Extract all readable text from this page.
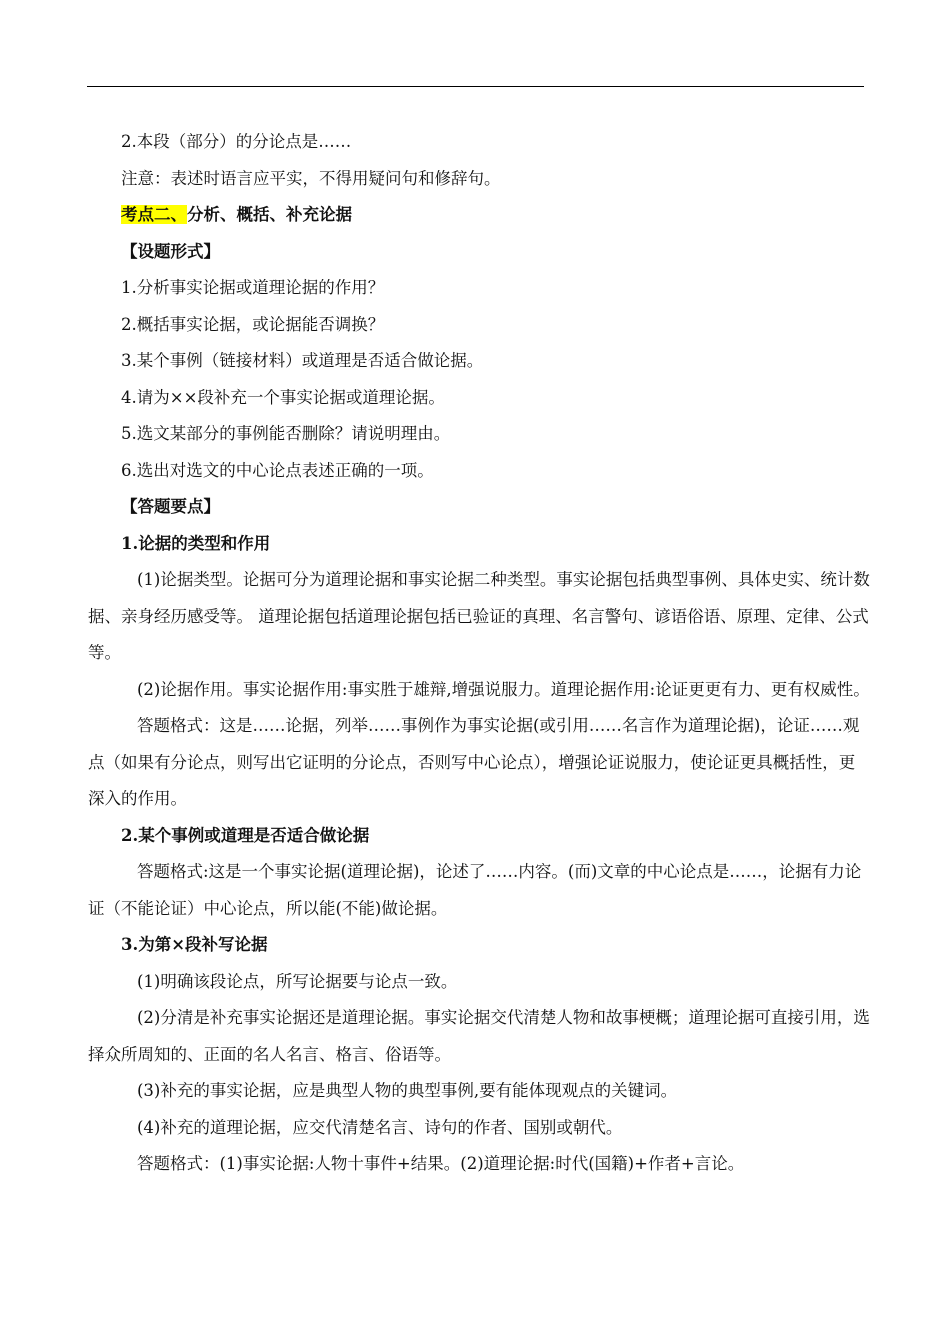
2.本段（部分）的分论点是……

注意：表述时语言应平实，不得用疑问句和修辞句。

考点二、分析、概括、补充论据

【设题形式】

1.分析事实论据或道理论据的作用？

2.概括事实论据，或论据能否调换？

3.某个事例（链接材料）或道理是否适合做论据。

4.请为××段补充一个事实论据或道理论据。

5.选文某部分的事例能否删除？请说明理由。

6.选出对选文的中心论点表述正确的一项。

【答题要点】

1.论据的类型和作用

(1)论据类型。论据可分为道理论据和事实论据二种类型。事实论据包括典型事例、具体史实、统计数据、亲身经历感受等。 道理论据包括道理论据包括已验证的真理、名言警句、谚语俗语、原理、定律、公式等。

(2)论据作用。事实论据作用:事实胜于雄辩,增强说服力。道理论据作用:论证更更有力、更有权威性。

答题格式：这是……论据，列举……事例作为事实论据(或引用……名言作为道理论据)，论证……观点（如果有分论点，则写出它证明的分论点，否则写中心论点），增强论证说服力，使论证更具概括性，更深入的作用。

2.某个事例或道理是否适合做论据

答题格式:这是一个事实论据(道理论据)，论述了……内容。(而)文章的中心论点是……，论据有力论证（不能论证）中心论点，所以能(不能)做论据。

3.为第×段补写论据

(1)明确该段论点，所写论据要与论点一致。

(2)分清是补充事实论据还是道理论据。事实论据交代清楚人物和故事梗概；道理论据可直接引用，选择众所周知的、正面的名人名言、格言、俗语等。

(3)补充的事实论据，应是典型人物的典型事例,要有能体现观点的关键词。

(4)补充的道理论据，应交代清楚名言、诗句的作者、国别或朝代。

答题格式：(1)事实论据:人物十事件+结果。(2)道理论据:时代(国籍)+作者+言论。
